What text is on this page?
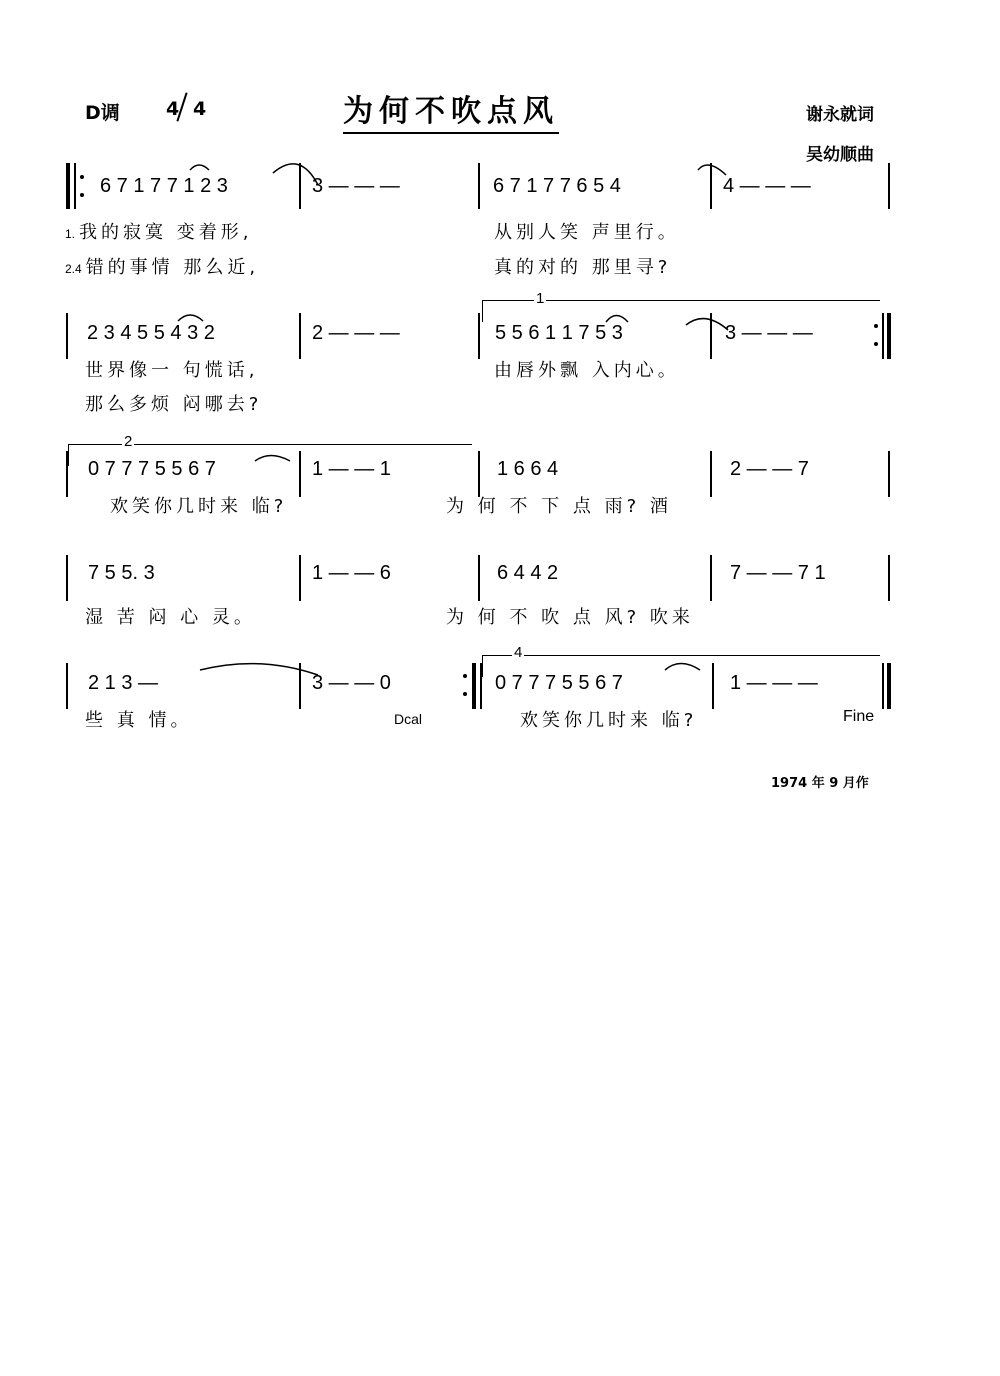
D调 4 4	为何不吹点风	谢永就词
吴幼顺曲
6 7 1 7 7 1 2 3	3 — — —	6 7 1 7 7 6 5 4	4 — — —
1. 我的寂寞 变着形,	从别人笑 声里行。
2.4 错的事情 那么近,	真的对的 那里寻?
1
2 3 4 5 5 4 3 2	2 — — —	5 5 6 1 1 7 5 3	3 — — —
世界像一 句慌话,	由唇外飘 入内心。
那么多烦 闷哪去?
2
0 7 7 7 5 5 6 7	1 — — 1	1 6 6 4	2 — — 7
欢笑你几时来 临?	为 何 不 下 点 雨? 酒
7 5 5. 3	1 — — 6	6 4 4 2	7 — — 7 1
湿 苦 闷 心 灵。	为 何 不 吹 点 风? 吹来
4
2 1 3 —	3 — — 0	0 7 7 7 5 5 6 7	1 — — —
些 真 情。	Dcal	欢笑你几时来 临?	Fine
1974 年 9 月作
